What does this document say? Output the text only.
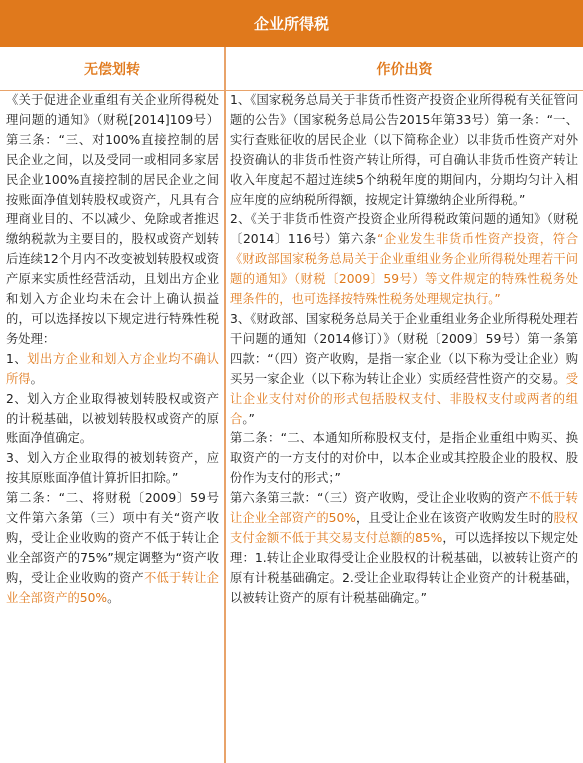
企业所得税
无偿划转	作价出资

《关于促进企业重组有关企业所得税处理问题的通知》（财税[2014]109号）第三条：“三、对100%直接控制的居民企业之间，以及受同一或相同多家居民企业100%直接控制的居民企业之间按账面净值划转股权或资产，凡具有合理商业目的、不以减少、免除或者推迟缴纳税款为主要目的，股权或资产划转后连续12个月内不改变被划转股权或资产原来实质性经营活动，且划出方企业和划入方企业均未在会计上确认损益的，可以选择按以下规定进行特殊性税务处理：

1、划出方企业和划入方企业均不确认所得。

2、划入方企业取得被划转股权或资产的计税基础，以被划转股权或资产的原账面净值确定。

3、划入方企业取得的被划转资产，应按其原账面净值计算折旧扣除。”

第二条：“二、将财税〔2009〕59号文件第六条第（三）项中有关“资产收购，受让企业收购的资产不低于转让企业全部资产的75%”规定调整为“资产收购，受让企业收购的资产不低于转让企业全部资产的50%。

1、《国家税务总局关于非货币性资产投资企业所得税有关征管问题的公告》（国家税务总局公告2015年第33号）第一条：“一、实行查账征收的居民企业（以下简称企业）以非货币性资产对外投资确认的非货币性资产转让所得，可自确认非货币性资产转让收入年度起不超过连续5个纳税年度的期间内，分期均匀计入相应年度的应纳税所得额，按规定计算缴纳企业所得税。”

2、《关于非货币性资产投资企业所得税政策问题的通知》（财税〔2014〕116号）第六条“企业发生非货币性资产投资，符合《财政部国家税务总局关于企业重组业务企业所得税处理若干问题的通知》（财税〔2009〕59号）等文件规定的特殊性税务处理条件的，也可选择按特殊性税务处理规定执行。”

3、《财政部、国家税务总局关于企业重组业务企业所得税处理若干问题的通知（2014修订）》（财税〔2009〕59号）第一条第四款：“（四）资产收购，是指一家企业（以下称为受让企业）购买另一家企业（以下称为转让企业）实质经营性资产的交易。受让企业支付对价的形式包括股权支付、非股权支付或两者的组合。”

第二条：“二、本通知所称股权支付，是指企业重组中购买、换取资产的一方支付的对价中，以本企业或其控股企业的股权、股份作为支付的形式；”

第六条第三款：“（三）资产收购，受让企业收购的资产不低于转让企业全部资产的50%，且受让企业在该资产收购发生时的股权支付金额不低于其交易支付总额的85%，可以选择按以下规定处理：1.转让企业取得受让企业股权的计税基础，以被转让资产的原有计税基础确定。2.受让企业取得转让企业资产的计税基础，以被转让资产的原有计税基础确定。”
